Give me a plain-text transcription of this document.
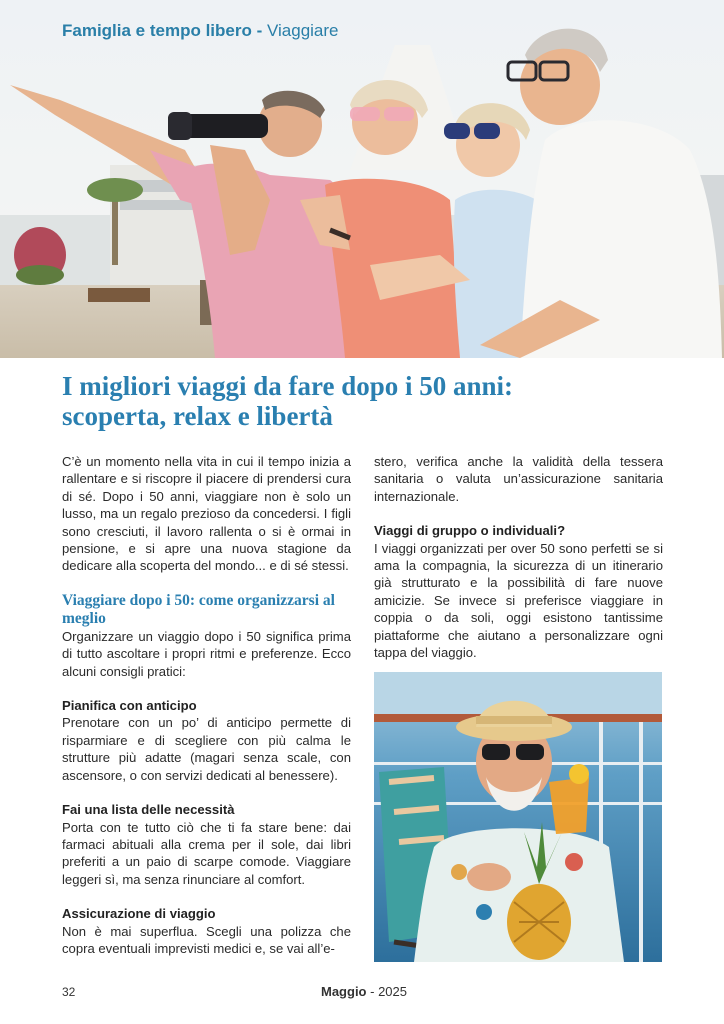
Famiglia e tempo libero - Viaggiare
I migliori viaggi da fare dopo i 50 anni:
scoperta, relax e libertà

C’è un momento nella vita in cui il tempo inizia a rallentare e si riscopre il piacere di prendersi cura di sé. Dopo i 50 anni, viaggiare non è solo un lusso, ma un regalo prezioso da concedersi. I figli sono cresciuti, il lavoro rallenta o si è ormai in pensione, e si apre una nuova stagione da dedicare alla scoperta del mondo... e di sé stessi.

Viaggiare dopo i 50: come organizzarsi al meglio

Organizzare un viaggio dopo i 50 significa prima di tutto ascoltare i propri ritmi e preferenze. Ecco alcuni consigli pratici:

Pianifica con anticipo

Prenotare con un po’ di anticipo permette di risparmiare e di scegliere con più calma le strutture più adatte (magari senza scale, con ascensore, o con servizi dedicati al benessere).

Fai una lista delle necessità

Porta con te tutto ciò che ti fa stare bene: dai farmaci abituali alla crema per il sole, dai libri preferiti a un paio di scarpe comode. Viaggiare leggeri sì, ma senza rinunciare al comfort.

Assicurazione di viaggio

Non è mai superflua. Scegli una polizza che copra eventuali imprevisti medici e, se vai all’e-

stero, verifica anche la validità della tessera sanitaria o valuta un’assicurazione sanitaria internazionale.

Viaggi di gruppo o individuali?

I viaggi organizzati per over 50 sono perfetti se si ama la compagnia, la sicurezza di un itinerario già strutturato e la possibilità di fare nuove amicizie. Se invece si preferisce viaggiare in coppia o da soli, oggi esistono tantissime piattaforme che aiutano a personalizzare ogni tappa del viaggio.

32	Maggio - 2025
